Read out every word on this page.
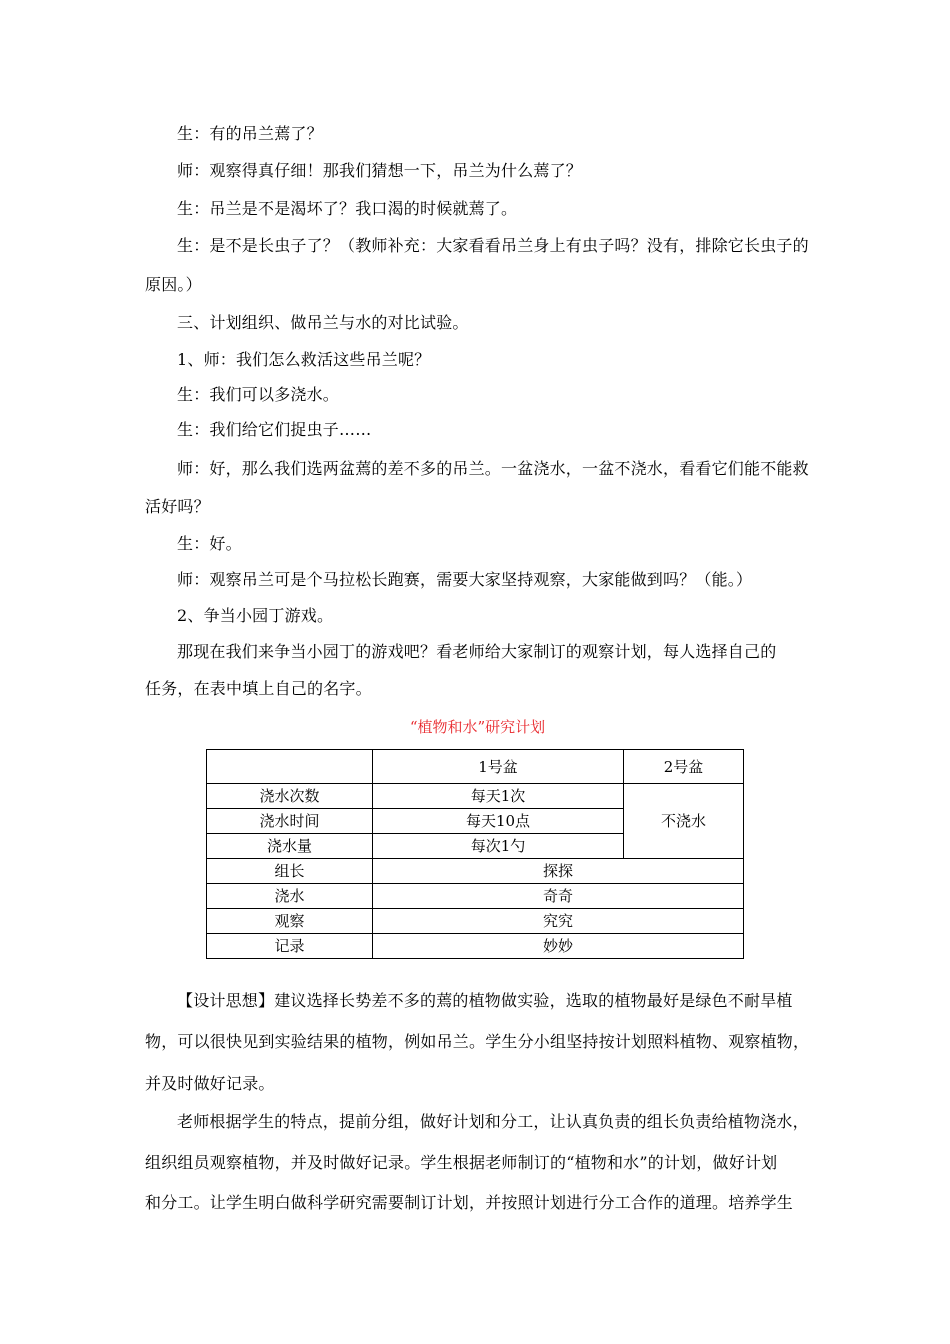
生：有的吊兰蔫了？
师：观察得真仔细！那我们猜想一下，吊兰为什么蔫了？
生：吊兰是不是渴坏了？我口渴的时候就蔫了。
生：是不是长虫子了？（教师补充：大家看看吊兰身上有虫子吗？没有，排除它长虫子的
原因。）
三、计划组织、做吊兰与水的对比试验。
1、师：我们怎么救活这些吊兰呢？
生：我们可以多浇水。
生：我们给它们捉虫子……
师：好，那么我们选两盆蔫的差不多的吊兰。一盆浇水，一盆不浇水，看看它们能不能救
活好吗？
生：好。
师：观察吊兰可是个马拉松长跑赛，需要大家坚持观察，大家能做到吗？（能。）
2、争当小园丁游戏。
那现在我们来争当小园丁的游戏吧？看老师给大家制订的观察计划，每人选择自己的
任务，在表中填上自己的名字。
“植物和水”研究计划
	1号盆	2号盆
浇水次数	每天1次	不浇水
浇水时间	每天10点	
浇水量	每次1勺	
组长	探探	
浇水	奇奇	
观察	究究	
记录	妙妙	
【设计思想】建议选择长势差不多的蔫的植物做实验，选取的植物最好是绿色不耐旱植
物，可以很快见到实验结果的植物，例如吊兰。学生分小组坚持按计划照料植物、观察植物，
并及时做好记录。
老师根据学生的特点，提前分组，做好计划和分工，让认真负责的组长负责给植物浇水，
组织组员观察植物，并及时做好记录。学生根据老师制订的“植物和水”的计划，做好计划
和分工。让学生明白做科学研究需要制订计划，并按照计划进行分工合作的道理。培养学生
